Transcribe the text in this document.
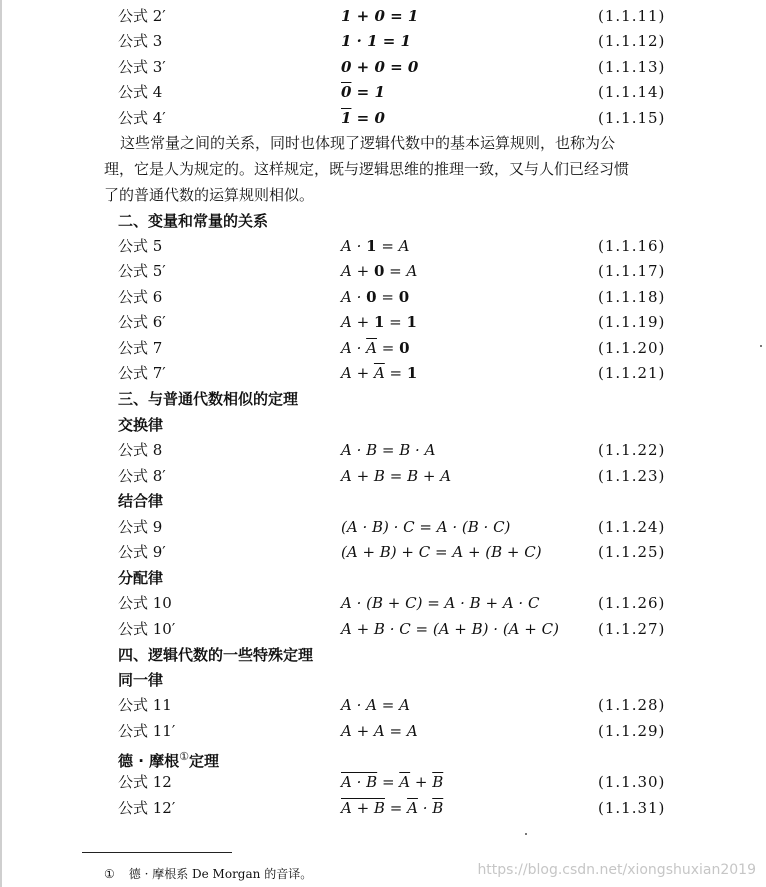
公式 2′	1 + 0 = 1	(1.1.11)
公式 3	1 · 1 = 1	(1.1.12)
公式 3′	0 + 0 = 0	(1.1.13)
公式 4	0 = 1	(1.1.14)
公式 4′	1 = 0	(1.1.15)
这些常量之间的关系，同时也体现了逻辑代数中的基本运算规则，也称为公
理，它是人为规定的。这样规定，既与逻辑思维的推理一致，又与人们已经习惯
了的普通代数的运算规则相似。
二、变量和常量的关系
公式 5	A · 1 = A	(1.1.16)
公式 5′	A + 0 = A	(1.1.17)
公式 6	A · 0 = 0	(1.1.18)
公式 6′	A + 1 = 1	(1.1.19)
公式 7	$A \cdot \overline{A} = 0$	(1.1.20)
公式 7′	$A + \overline{A} = 1$	(1.1.21)
三、与普通代数相似的定理
交换律
公式 8	A · B = B · A	(1.1.22)
公式 8′	A + B = B + A	(1.1.23)
结合律
公式 9	(A · B) · C = A · (B · C)	(1.1.24)
公式 9′	(A + B) + C = A + (B + C)	(1.1.25)
分配律
公式 10	A · (B + C) = A · B + A · C	(1.1.26)
公式 10′	A + B · C = (A + B) · (A + C)	(1.1.27)
四、逻辑代数的一些特殊定理
同一律
公式 11	A · A = A	(1.1.28)
公式 11′	A + A = A	(1.1.29)
德 · 摩根①定理
公式 12	$A \cdot B = \overline{A} + \overline{B}$	(1.1.30)
公式 12′	$A + B = \overline{A} \cdot \overline{B}$	(1.1.31)
① 德 · 摩根系 De Morgan 的音译。	https://blog.csdn.net/xiongshuxian2019
